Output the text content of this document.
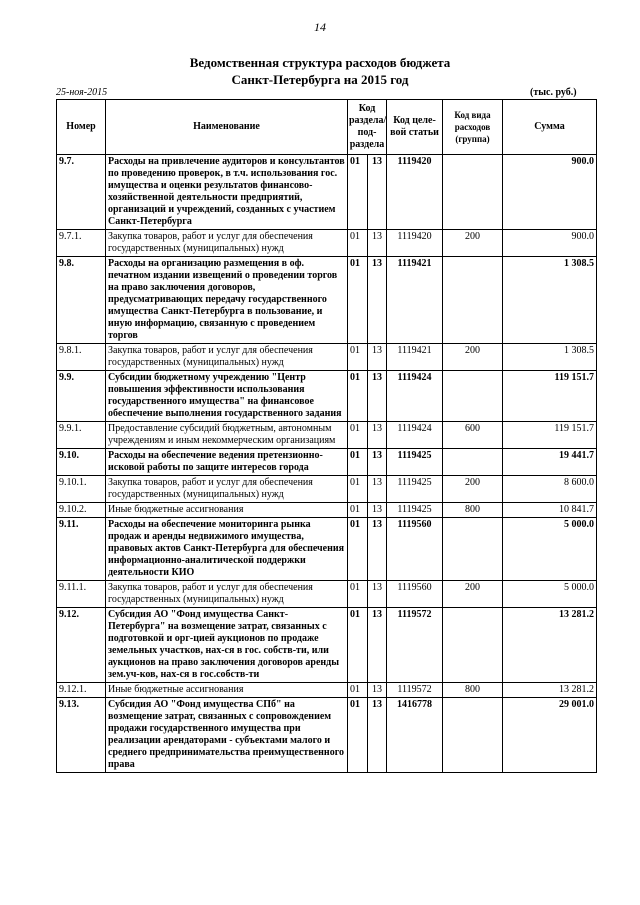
14
Ведомственная структура расходов бюджета
Санкт-Петербурга на 2015 год
25-ноя-2015	(тыс. руб.)
Номер	Наименование	Код раздела/ под- раздела		Код целе- вой статьи	Код вида расходов (группа)	Сумма
9.7.	Расходы на привлечение аудиторов и консультантов по проведению проверок, в т.ч. использования гос. имущества и оценки результатов финансово-хозяйственной деятельности предприятий, организаций и учреждений, созданных с участием Санкт-Петербурга	01	13	1119420		900.0
9.7.1.	Закупка товаров, работ и услуг для обеспечения государственных (муниципальных) нужд	01	13	1119420	200	900.0
9.8.	Расходы на организацию размещения в оф. печатном издании извещений о проведении торгов на право заключения договоров, предусматривающих передачу государственного имущества Санкт-Петербурга в пользование, и иную информацию, связанную с проведением торгов	01	13	1119421		1 308.5
9.8.1.	Закупка товаров, работ и услуг для обеспечения государственных (муниципальных) нужд	01	13	1119421	200	1 308.5
9.9.	Субсидии бюджетному учреждению "Центр повышения эффективности использования государственного имущества" на финансовое обеспечение выполнения государственного задания	01	13	1119424		119 151.7
9.9.1.	Предоставление субсидий бюджетным, автономным учреждениям и иным некоммерческим организациям	01	13	1119424	600	119 151.7
9.10.	Расходы на обеспечение ведения претензионно-исковой работы по защите интересов города	01	13	1119425		19 441.7
9.10.1.	Закупка товаров, работ и услуг для обеспечения государственных (муниципальных) нужд	01	13	1119425	200	8 600.0
9.10.2.	Иные бюджетные ассигнования	01	13	1119425	800	10 841.7
9.11.	Расходы на обеспечение мониторинга рынка продаж и аренды недвижимого имущества, правовых актов Санкт-Петербурга для обеспечения информационно-аналитической поддержки деятельности КИО	01	13	1119560		5 000.0
9.11.1.	Закупка товаров, работ и услуг для обеспечения государственных (муниципальных) нужд	01	13	1119560	200	5 000.0
9.12.	Субсидия АО "Фонд имущества Санкт-Петербурга" на возмещение затрат, связанных с подготовкой и орг-цией аукционов по продаже земельных участков, нах-ся в гос. собств-ти, или аукционов на право заключения договоров аренды зем.уч-ков, нах-ся в гос.собств-ти	01	13	1119572		13 281.2
9.12.1.	Иные бюджетные ассигнования	01	13	1119572	800	13 281.2
9.13.	Субсидия АО "Фонд имущества СПб" на возмещение затрат, связанных с сопровождением продажи государственного имущества при реализации арендаторами - субъектами малого и среднего предпринимательства преимущественного права	01	13	1416778		29 001.0
